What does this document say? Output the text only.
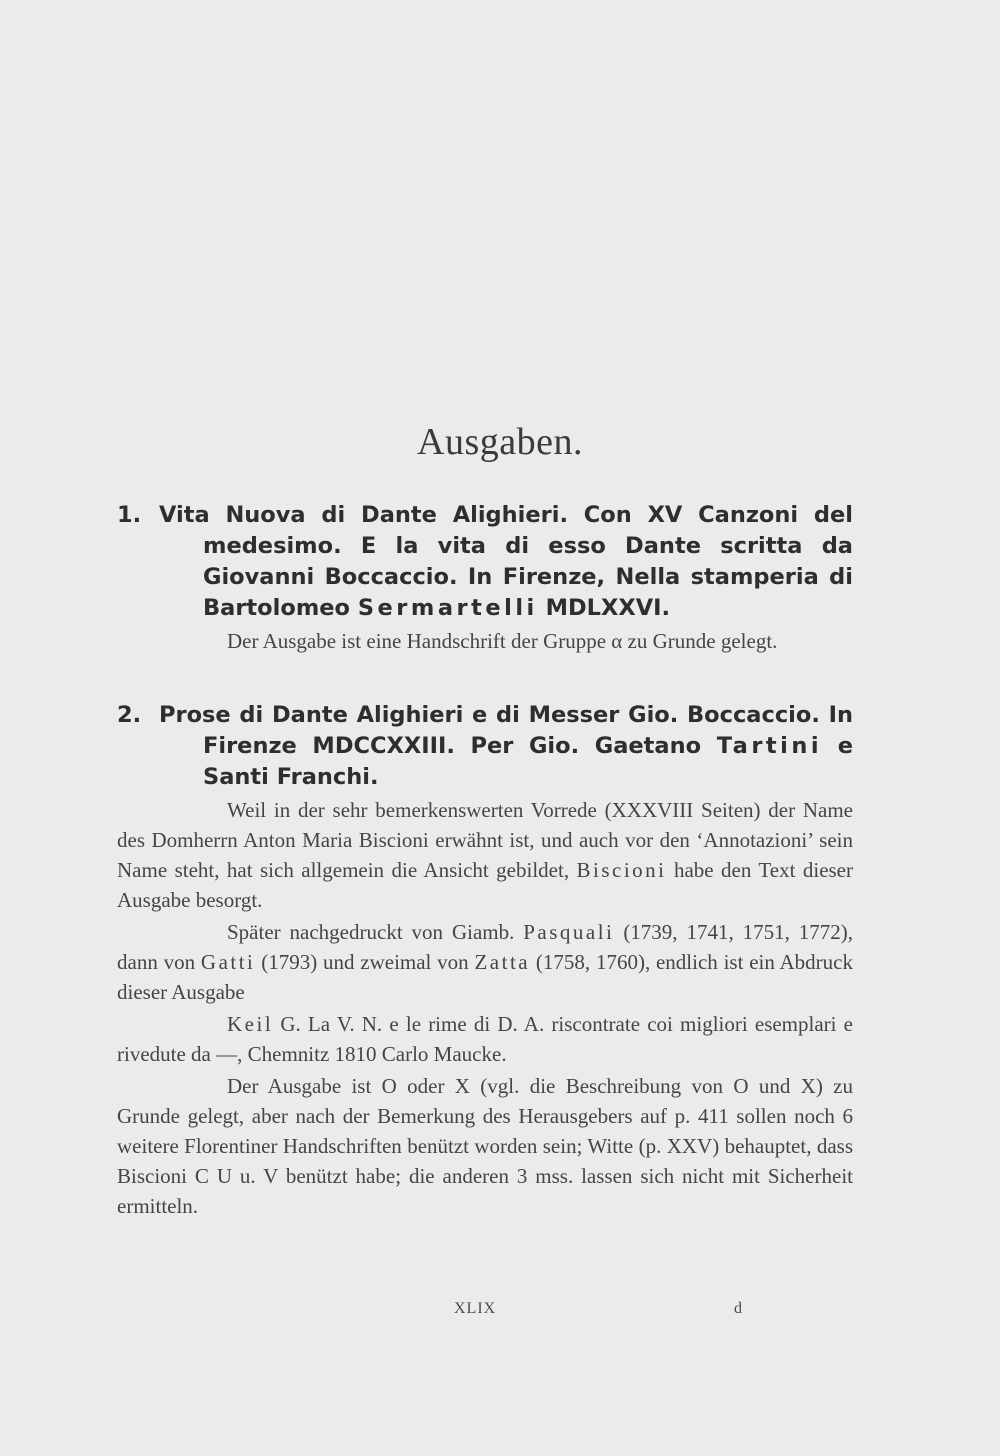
Ausgaben.
1. Vita Nuova di Dante Alighieri. Con XV Canzoni del medesimo. E la vita di esso Dante scritta da Giovanni Boccaccio. In Firenze, Nella stamperia di Bartolomeo Sermartelli MDLXXVI.

Der Ausgabe ist eine Handschrift der Gruppe α zu Grunde gelegt.

2. Prose di Dante Alighieri e di Messer Gio. Boccaccio. In Firenze MDCCXXIII. Per Gio. Gaetano Tartini e Santi Franchi.

Weil in der sehr bemerkenswerten Vorrede (XXXVIII Seiten) der Name des Domherrn Anton Maria Biscioni erwähnt ist, und auch vor den ‘Annotazioni’ sein Name steht, hat sich allgemein die Ansicht gebildet, Biscioni habe den Text dieser Ausgabe besorgt.

Später nachgedruckt von Giamb. Pasquali (1739, 1741, 1751, 1772), dann von Gatti (1793) und zweimal von Zatta (1758, 1760), endlich ist ein Abdruck dieser Ausgabe

Keil G. La V. N. e le rime di D. A. riscontrate coi migliori esemplari e rivedute da —, Chemnitz 1810 Carlo Maucke.

Der Ausgabe ist O oder X (vgl. die Beschreibung von O und X) zu Grunde gelegt, aber nach der Bemerkung des Herausgebers auf p. 411 sollen noch 6 weitere Florentiner Handschriften benützt worden sein; Witte (p. XXV) behauptet, dass Biscioni C U u. V benützt habe; die anderen 3 mss. lassen sich nicht mit Sicherheit ermitteln.

XLIX	d
